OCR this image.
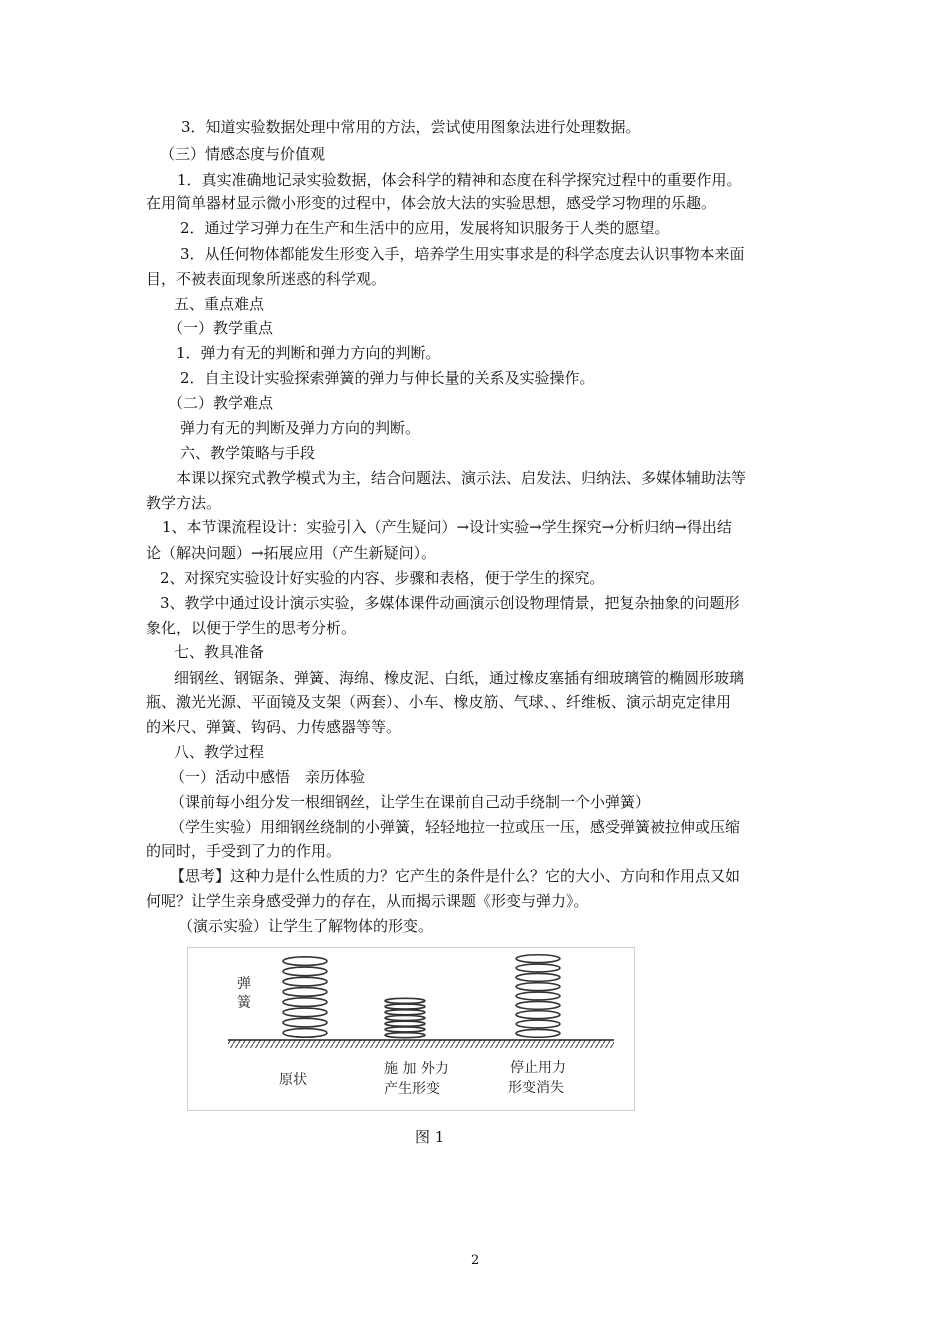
3．知道实验数据处理中常用的方法，尝试使用图象法进行处理数据。
（三）情感态度与价值观
1．真实准确地记录实验数据，体会科学的精神和态度在科学探究过程中的重要作用。
在用简单器材显示微小形变的过程中，体会放大法的实验思想，感受学习物理的乐趣。
2．通过学习弹力在生产和生活中的应用，发展将知识服务于人类的愿望。
3．从任何物体都能发生形变入手，培养学生用实事求是的科学态度去认识事物本来面
目，不被表面现象所迷惑的科学观。
五、重点难点
（一）教学重点
1．弹力有无的判断和弹力方向的判断。
2．自主设计实验探索弹簧的弹力与伸长量的关系及实验操作。
（二）教学难点
弹力有无的判断及弹力方向的判断。
六、教学策略与手段
本课以探究式教学模式为主，结合问题法、演示法、启发法、归纳法、多媒体辅助法等
教学方法。
1、本节课流程设计：实验引入（产生疑问）→设计实验→学生探究→分析归纳→得出结
论（解决问题）→拓展应用（产生新疑问）。
2、对探究实验设计好实验的内容、步骤和表格，便于学生的探究。
3、教学中通过设计演示实验，多媒体课件动画演示创设物理情景，把复杂抽象的问题形
象化，以便于学生的思考分析。
七、教具准备
细钢丝、钢锯条、弹簧、海绵、橡皮泥、白纸，通过橡皮塞插有细玻璃管的椭圆形玻璃
瓶、激光光源、平面镜及支架（两套）、小车、橡皮筋、气球、、纤维板、演示胡克定律用
的米尺、弹簧、钩码、力传感器等等。
八、教学过程
（一）活动中感悟　亲历体验
（课前每小组分发一根细钢丝，让学生在课前自己动手绕制一个小弹簧）
（学生实验）用细钢丝绕制的小弹簧，轻轻地拉一拉或压一压，感受弹簧被拉伸或压缩
的同时，手受到了力的作用。
【思考】这种力是什么性质的力？它产生的条件是什么？它的大小、方向和作用点又如
何呢？让学生亲身感受弹力的存在，从而揭示课题《形变与弹力》。
（演示实验）让学生了解物体的形变。
弹
簧
原状
施 加 外力
产生形变
停止用力
形变消失
图 1
2
